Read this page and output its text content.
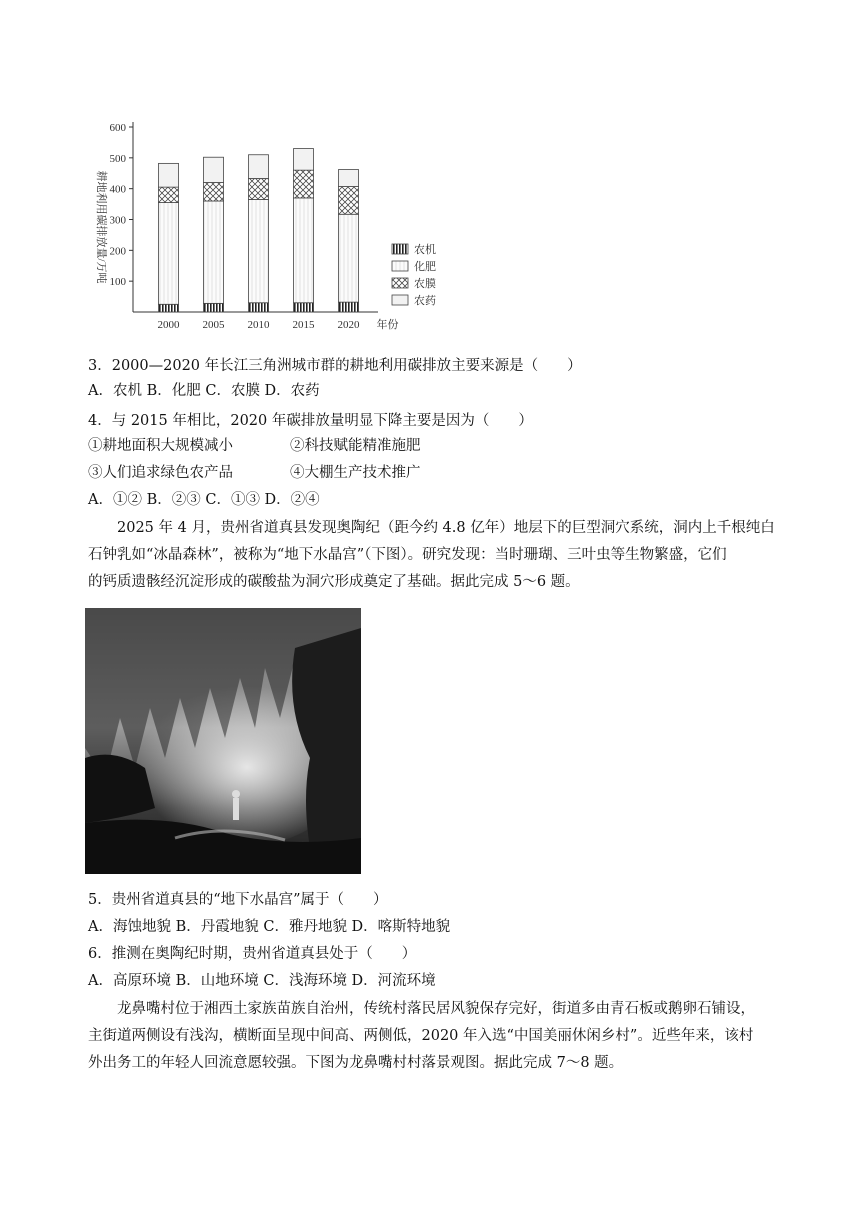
耕地利用碳排放量/万吨
600
500
400
300
200
100
2000 2005 2010 2015 2020 年份
农机
化肥
农膜
农药
3．2000—2020 年长江三角洲城市群的耕地利用碳排放主要来源是（　　）
A．农机 B．化肥 C．农膜 D．农药
4．与 2015 年相比，2020 年碳排放量明显下降主要是因为（　　）
①耕地面积大规模减小	②科技赋能精准施肥
③人们追求绿色农产品	④大棚生产技术推广
A．①② B．②③ C．①③ D．②④
2025 年 4 月，贵州省道真县发现奥陶纪（距今约 4.8 亿年）地层下的巨型洞穴系统，洞内上千根纯白
石钟乳如“冰晶森林”，被称为“地下水晶宫”（下图）。研究发现：当时珊瑚、三叶虫等生物繁盛，它们
的钙质遗骸经沉淀形成的碳酸盐为洞穴形成奠定了基础。据此完成 5～6 题。
5．贵州省道真县的“地下水晶宫”属于（　　）
A．海蚀地貌 B．丹霞地貌 C．雅丹地貌 D．喀斯特地貌
6．推测在奥陶纪时期，贵州省道真县处于（　　）
A．高原环境 B．山地环境 C．浅海环境 D．河流环境
龙鼻嘴村位于湘西土家族苗族自治州，传统村落民居风貌保存完好，街道多由青石板或鹅卵石铺设，
主街道两侧设有浅沟，横断面呈现中间高、两侧低，2020 年入选“中国美丽休闲乡村”。近些年来，该村
外出务工的年轻人回流意愿较强。下图为龙鼻嘴村村落景观图。据此完成 7～8 题。
